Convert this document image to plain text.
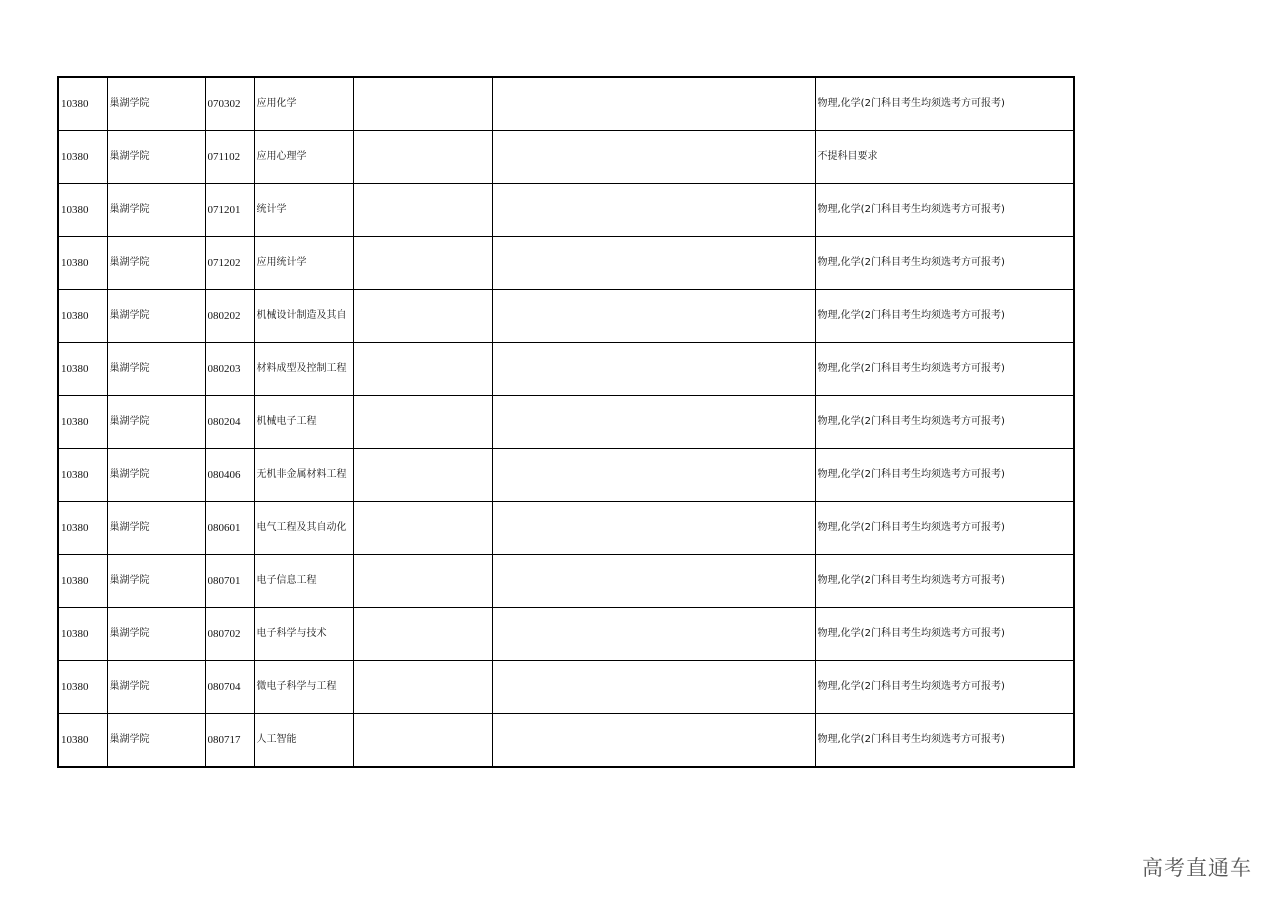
10380	巢湖学院	070302	应用化学			物理,化学(2门科目考生均须选考方可报考)
10380	巢湖学院	071102	应用心理学			不提科目要求
10380	巢湖学院	071201	统计学			物理,化学(2门科目考生均须选考方可报考)
10380	巢湖学院	071202	应用统计学			物理,化学(2门科目考生均须选考方可报考)
10380	巢湖学院	080202	机械设计制造及其自			物理,化学(2门科目考生均须选考方可报考)
10380	巢湖学院	080203	材料成型及控制工程			物理,化学(2门科目考生均须选考方可报考)
10380	巢湖学院	080204	机械电子工程			物理,化学(2门科目考生均须选考方可报考)
10380	巢湖学院	080406	无机非金属材料工程			物理,化学(2门科目考生均须选考方可报考)
10380	巢湖学院	080601	电气工程及其自动化			物理,化学(2门科目考生均须选考方可报考)
10380	巢湖学院	080701	电子信息工程			物理,化学(2门科目考生均须选考方可报考)
10380	巢湖学院	080702	电子科学与技术			物理,化学(2门科目考生均须选考方可报考)
10380	巢湖学院	080704	微电子科学与工程			物理,化学(2门科目考生均须选考方可报考)
10380	巢湖学院	080717	人工智能			物理,化学(2门科目考生均须选考方可报考)
高考直通车
